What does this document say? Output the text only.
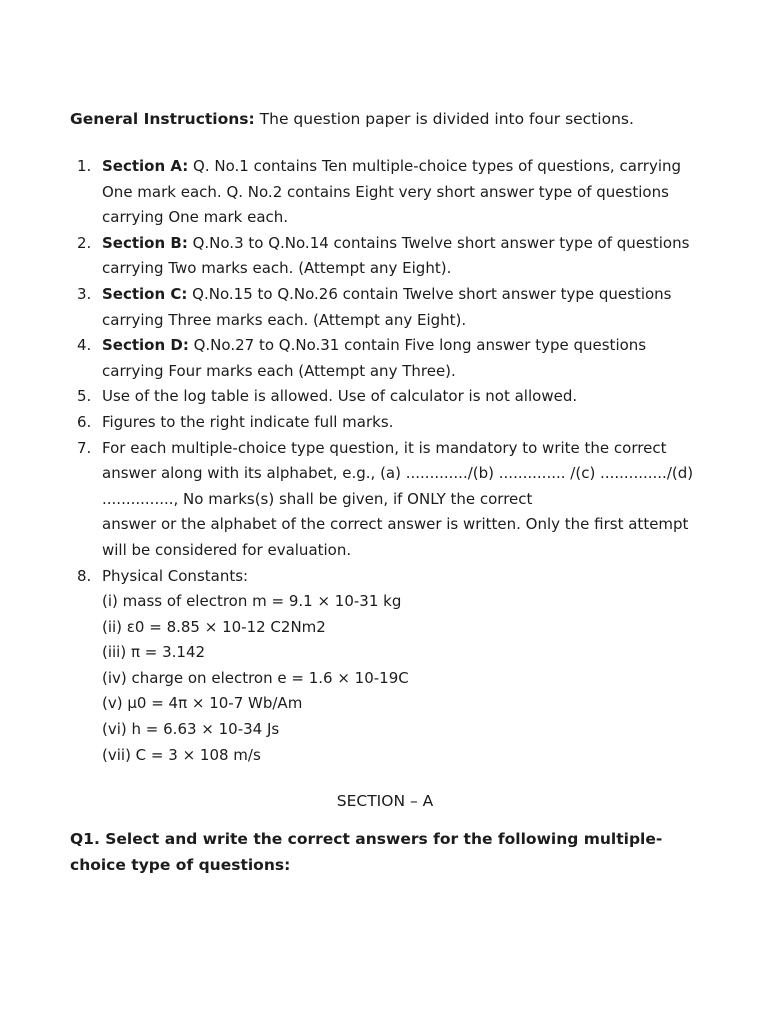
General Instructions: The question paper is divided into four sections.

1. Section A: Q. No.1 contains Ten multiple-choice types of questions, carrying One mark each. Q. No.2 contains Eight very short answer type of questions carrying One mark each.
2. Section B: Q.No.3 to Q.No.14 contains Twelve short answer type of questions carrying Two marks each. (Attempt any Eight).
3. Section C: Q.No.15 to Q.No.26 contain Twelve short answer type questions carrying Three marks each. (Attempt any Eight).
4. Section D: Q.No.27 to Q.No.31 contain Five long answer type questions carrying Four marks each (Attempt any Three).
5. Use of the log table is allowed. Use of calculator is not allowed.
6. Figures to the right indicate full marks.
7. For each multiple-choice type question, it is mandatory to write the correct answer along with its alphabet, e.g., (a) ............./(b) .............. /(c) ............../(d)
..............., No marks(s) shall be given, if ONLY the correct
answer or the alphabet of the correct answer is written. Only the first attempt will be considered for evaluation.
8. Physical Constants:
(i) mass of electron m = 9.1 × 10-31 kg
(ii) ε0 = 8.85 × 10-12 C2Nm2
(iii) π = 3.142
(iv) charge on electron e = 1.6 × 10-19C
(v) μ0 = 4π × 10-7 Wb/Am
(vi) h = 6.63 × 10-34 Js
(vii) C = 3 × 108 m/s
SECTION – A

Q1. Select and write the correct answers for the following multiple-choice type of questions:
